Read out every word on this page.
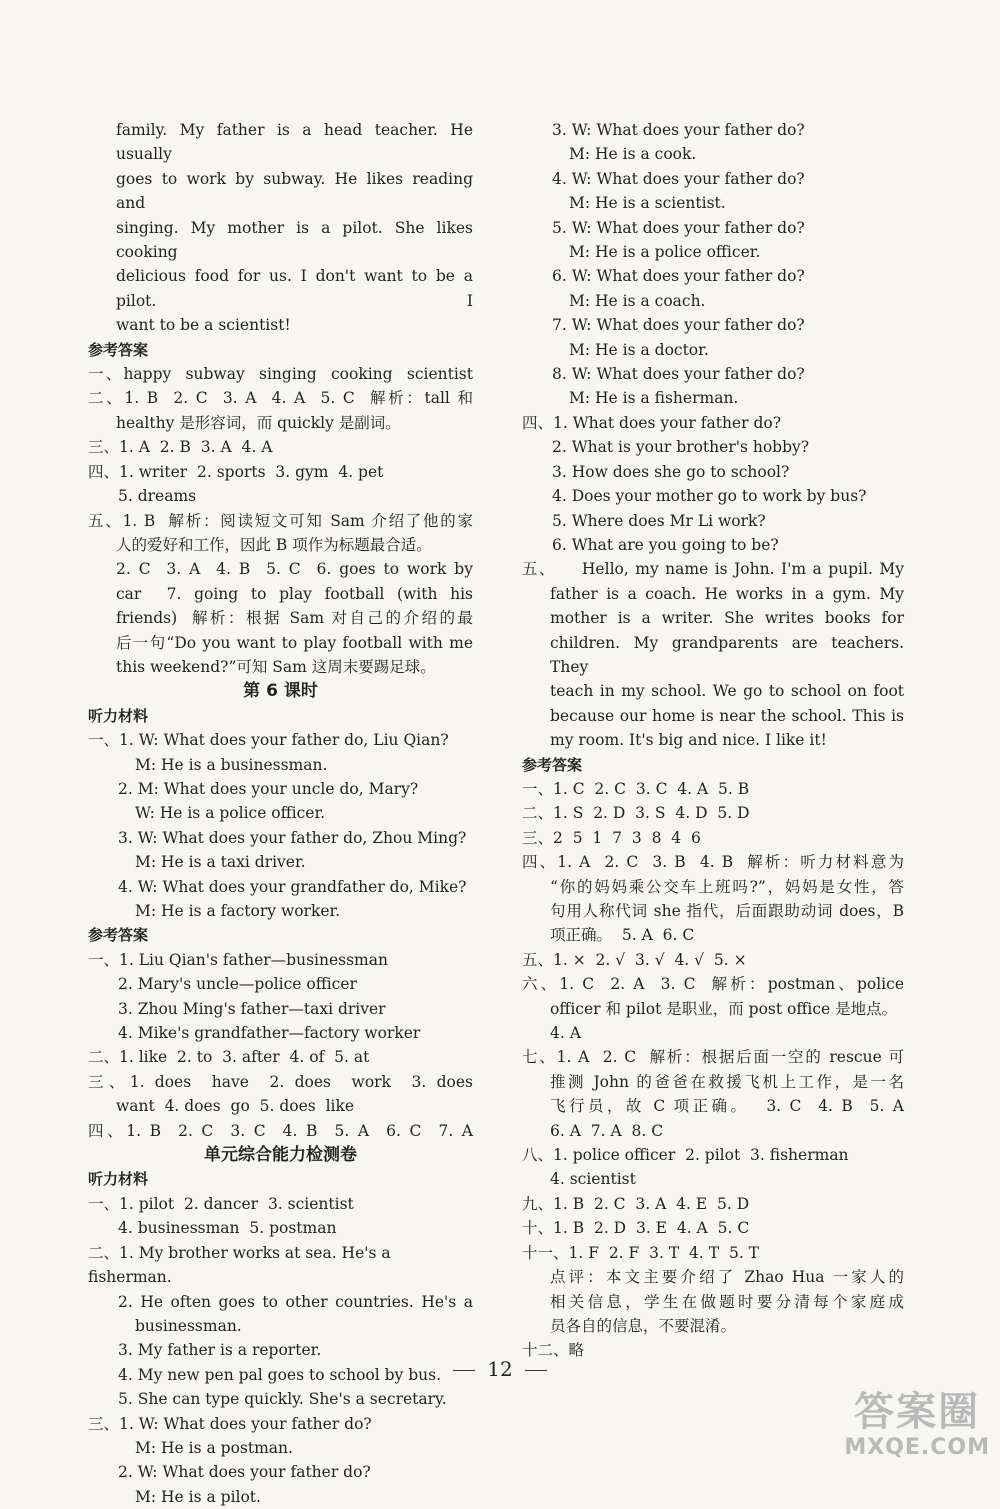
family. My father is a head teacher. He usually
goes to work by subway. He likes reading and
singing. My mother is a pilot. She likes cooking
delicious food for us. I don't want to be a pilot. I
want to be a scientist!
参考答案
一、happy  subway  singing  cooking  scientist
二、1. B  2. C  3. A  4. A  5. C  解析：tall 和
healthy 是形容词，而 quickly 是副词。
三、1. A  2. B  3. A  4. A
四、1. writer  2. sports  3. gym  4. pet
5. dreams
五、1. B  解析：阅读短文可知 Sam 介绍了他的家
人的爱好和工作，因此 B 项作为标题最合适。
2. C  3. A  4. B  5. C  6. goes to work by
car  7. going to play football (with his
friends)  解析：根据 Sam 对自己的介绍的最
后一句“Do you want to play football with me
this weekend?”可知 Sam 这周末要踢足球。
第 6 课时
听力材料
一、1. W: What does your father do, Liu Qian?
M: He is a businessman.
2. M: What does your uncle do, Mary?
W: He is a police officer.
3. W: What does your father do, Zhou Ming?
M: He is a taxi driver.
4. W: What does your grandfather do, Mike?
M: He is a factory worker.
参考答案
一、1. Liu Qian's father—businessman
2. Mary's uncle—police officer
3. Zhou Ming's father—taxi driver
4. Mike's grandfather—factory worker
二、1. like  2. to  3. after  4. of  5. at
三、1. does  have  2. does  work  3. does
want  4. does  go  5. does  like
四、1. B  2. C  3. C  4. B  5. A  6. C  7. A
单元综合能力检测卷
听力材料
一、1. pilot  2. dancer  3. scientist
4. businessman  5. postman
二、1. My brother works at sea. He's a fisherman.
2. He often goes to other countries. He's a
businessman.
3. My father is a reporter.
4. My new pen pal goes to school by bus.
5. She can type quickly. She's a secretary.
三、1. W: What does your father do?
M: He is a postman.
2. W: What does your father do?
M: He is a pilot.
3. W: What does your father do?
M: He is a cook.
4. W: What does your father do?
M: He is a scientist.
5. W: What does your father do?
M: He is a police officer.
6. W: What does your father do?
M: He is a coach.
7. W: What does your father do?
M: He is a doctor.
8. W: What does your father do?
M: He is a fisherman.
四、1. What does your father do?
2. What is your brother's hobby?
3. How does she go to school?
4. Does your mother go to work by bus?
5. Where does Mr Li work?
6. What are you going to be?
五、    Hello, my name is John. I'm a pupil. My
father is a coach. He works in a gym. My
mother is a writer. She writes books for
children. My grandparents are teachers. They
teach in my school. We go to school on foot
because our home is near the school. This is
my room. It's big and nice. I like it!
参考答案
一、1. C  2. C  3. C  4. A  5. B
二、1. S  2. D  3. S  4. D  5. D
三、2  5  1  7  3  8  4  6
四、1. A  2. C  3. B  4. B  解析：听力材料意为
“你的妈妈乘公交车上班吗?”，妈妈是女性，答
句用人称代词 she 指代，后面跟助动词 does，B
项正确。  5. A  6. C
五、1. ×  2. √  3. √  4. √  5. ×
六、1. C  2. A  3. C  解析：postman、police
officer 和 pilot 是职业，而 post office 是地点。
4. A
七、1. A  2. C  解析：根据后面一空的 rescue 可
推测 John 的爸爸在救援飞机上工作，是一名
飞行员，故 C 项正确。  3. C  4. B  5. A
6. A  7. A  8. C
八、1. police officer  2. pilot  3. fisherman
4. scientist
九、1. B  2. C  3. A  4. E  5. D
十、1. B  2. D  3. E  4. A  5. C
十一、1. F  2. F  3. T  4. T  5. T
点评：本文主要介绍了 Zhao Hua 一家人的
相关信息，学生在做题时要分清每个家庭成
员各自的信息，不要混淆。
十二、略
12
答案圈
MXQE.COM
